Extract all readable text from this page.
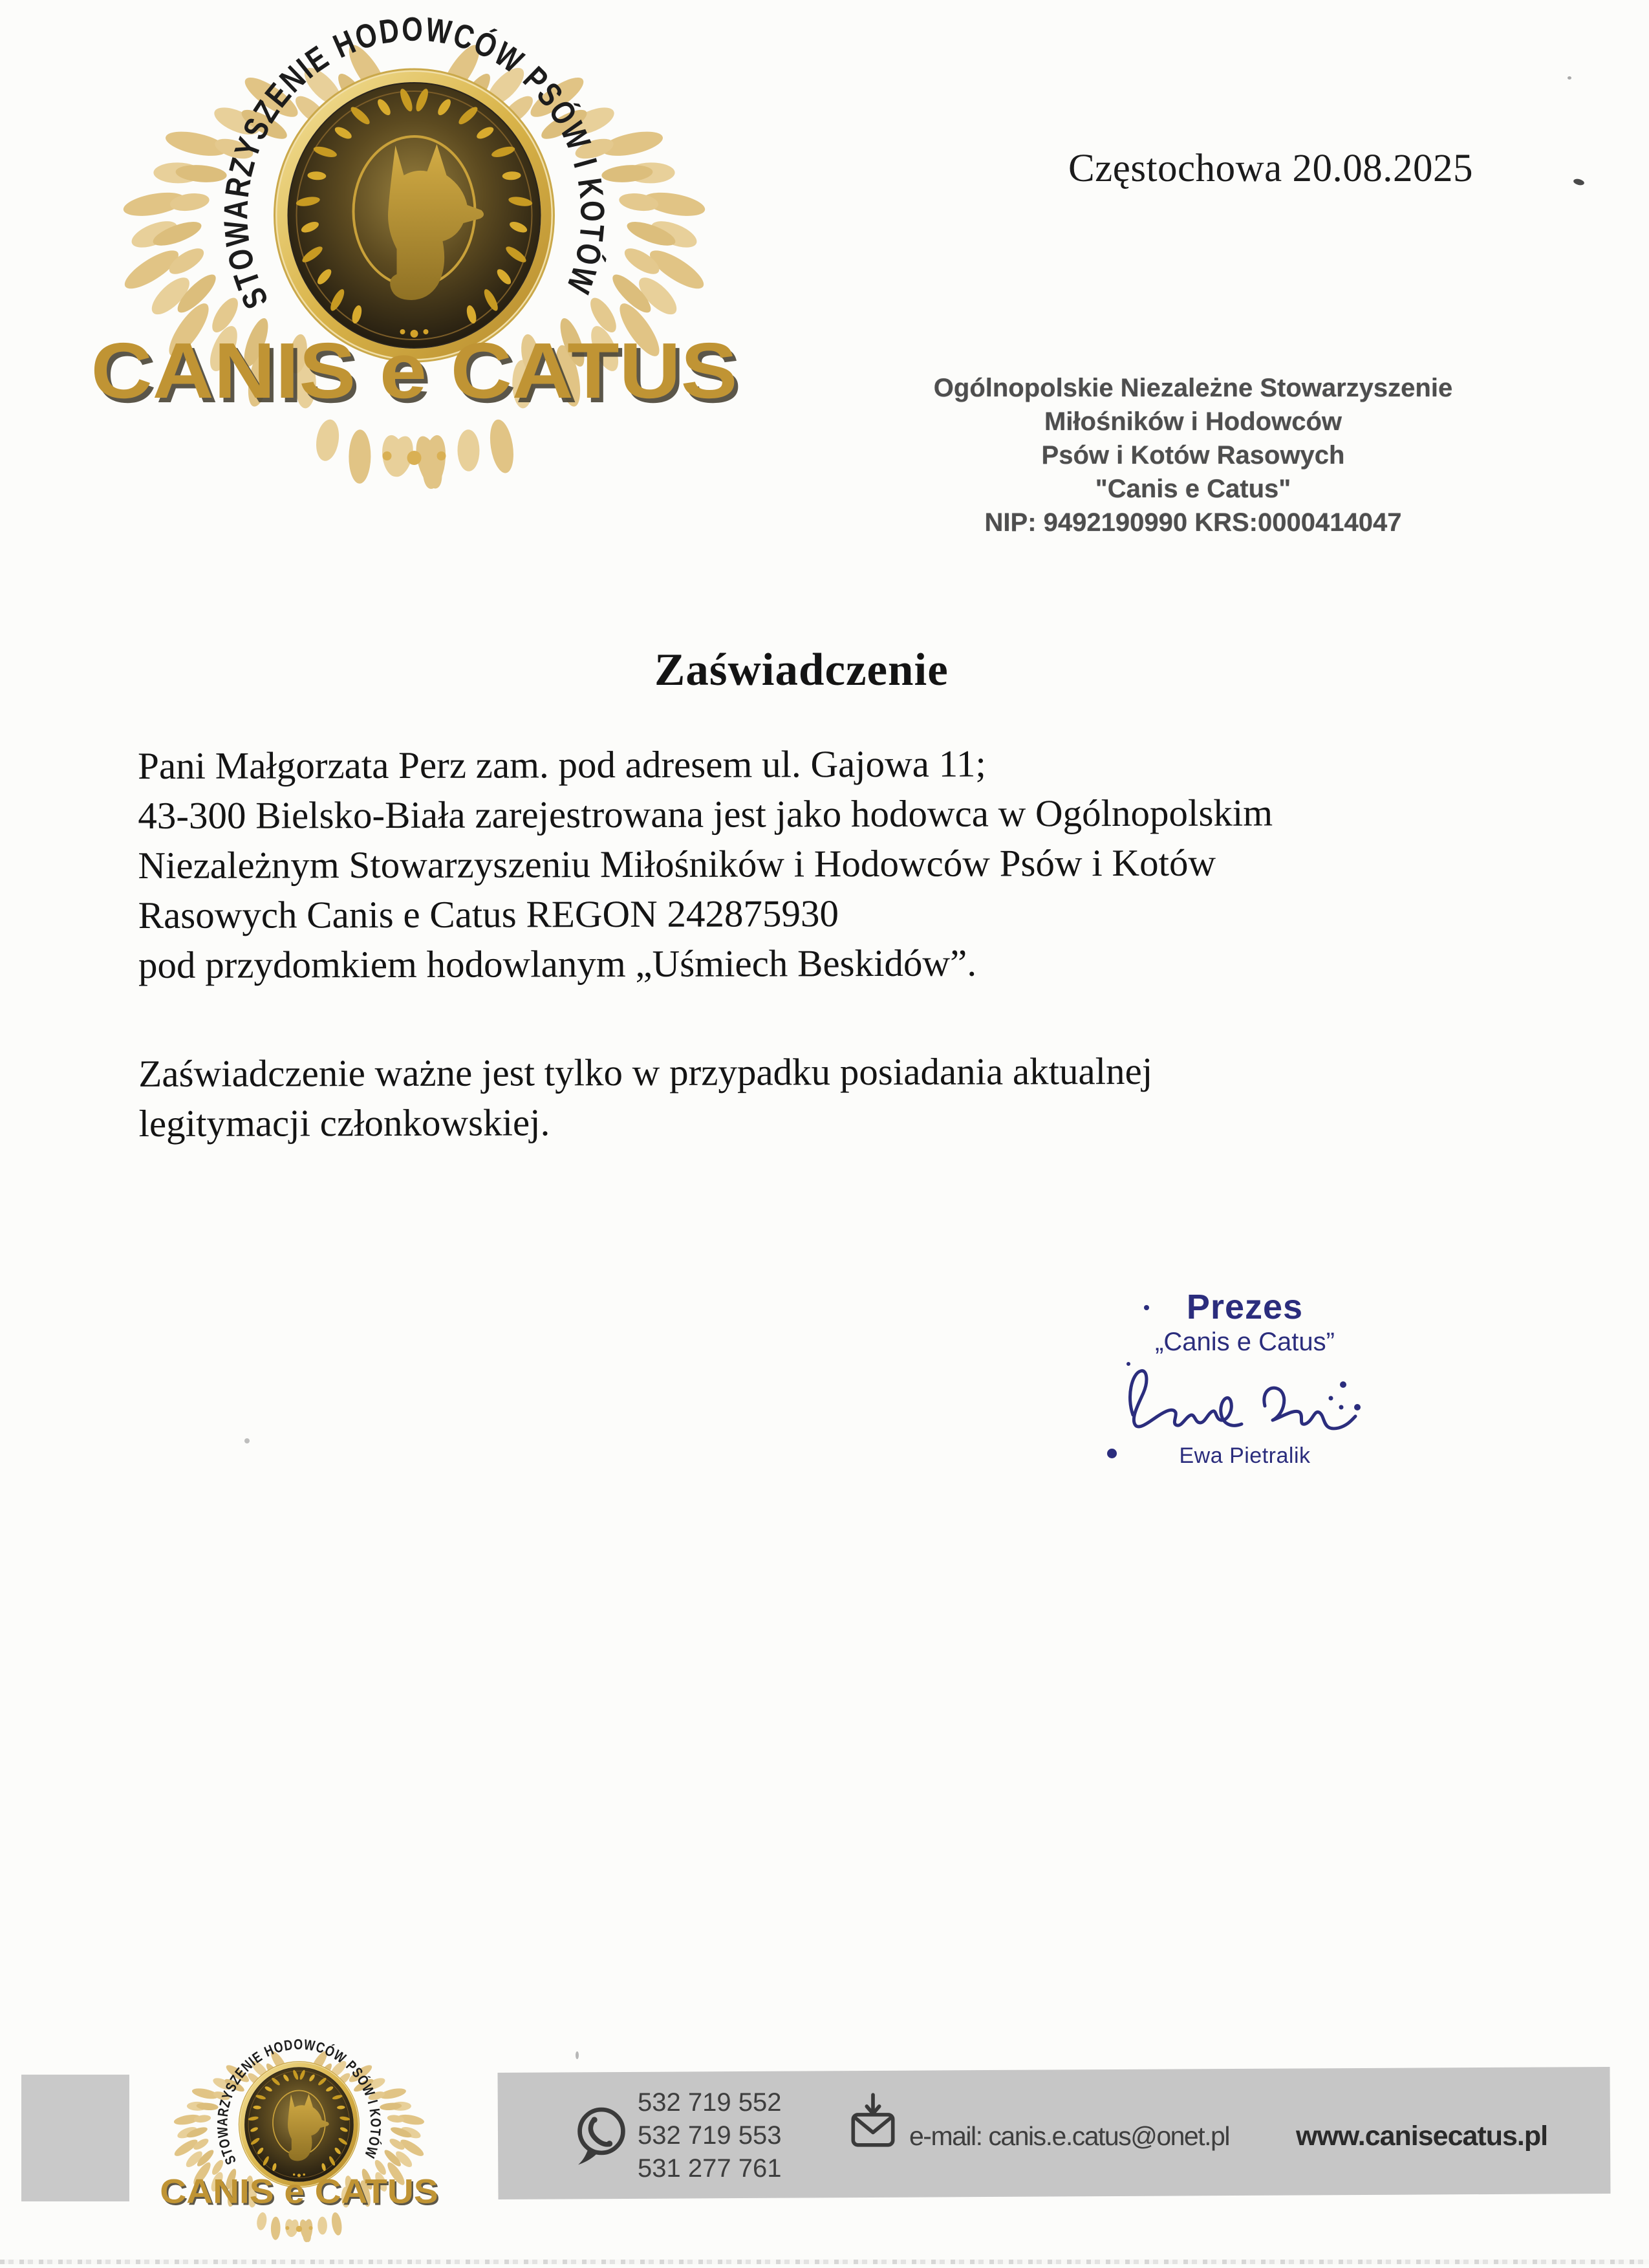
Częstochowa 20.08.2025
Ogólnopolskie Niezależne Stowarzyszenie
Miłośników i Hodowców
Psów i Kotów Rasowych
"Canis e Catus"
NIP: 9492190990 KRS:0000414047
Zaświadczenie
Pani Małgorzata Perz zam. pod adresem ul. Gajowa 11;
43-300 Bielsko-Biała zarejestrowana jest jako hodowca w Ogólnopolskim
Niezależnym Stowarzyszeniu Miłośników i Hodowców Psów i Kotów
Rasowych Canis e Catus REGON 242875930
pod przydomkiem hodowlanym „Uśmiech Beskidów”.
Zaświadczenie ważne jest tylko w przypadku posiadania aktualnej
legitymacji członkowskiej.
Prezes
„Canis e Catus”
Ewa Pietralik
532 719 552
532 719 553
531 277 761
e-mail: canis.e.catus@onet.pl www.canisecatus.pl
